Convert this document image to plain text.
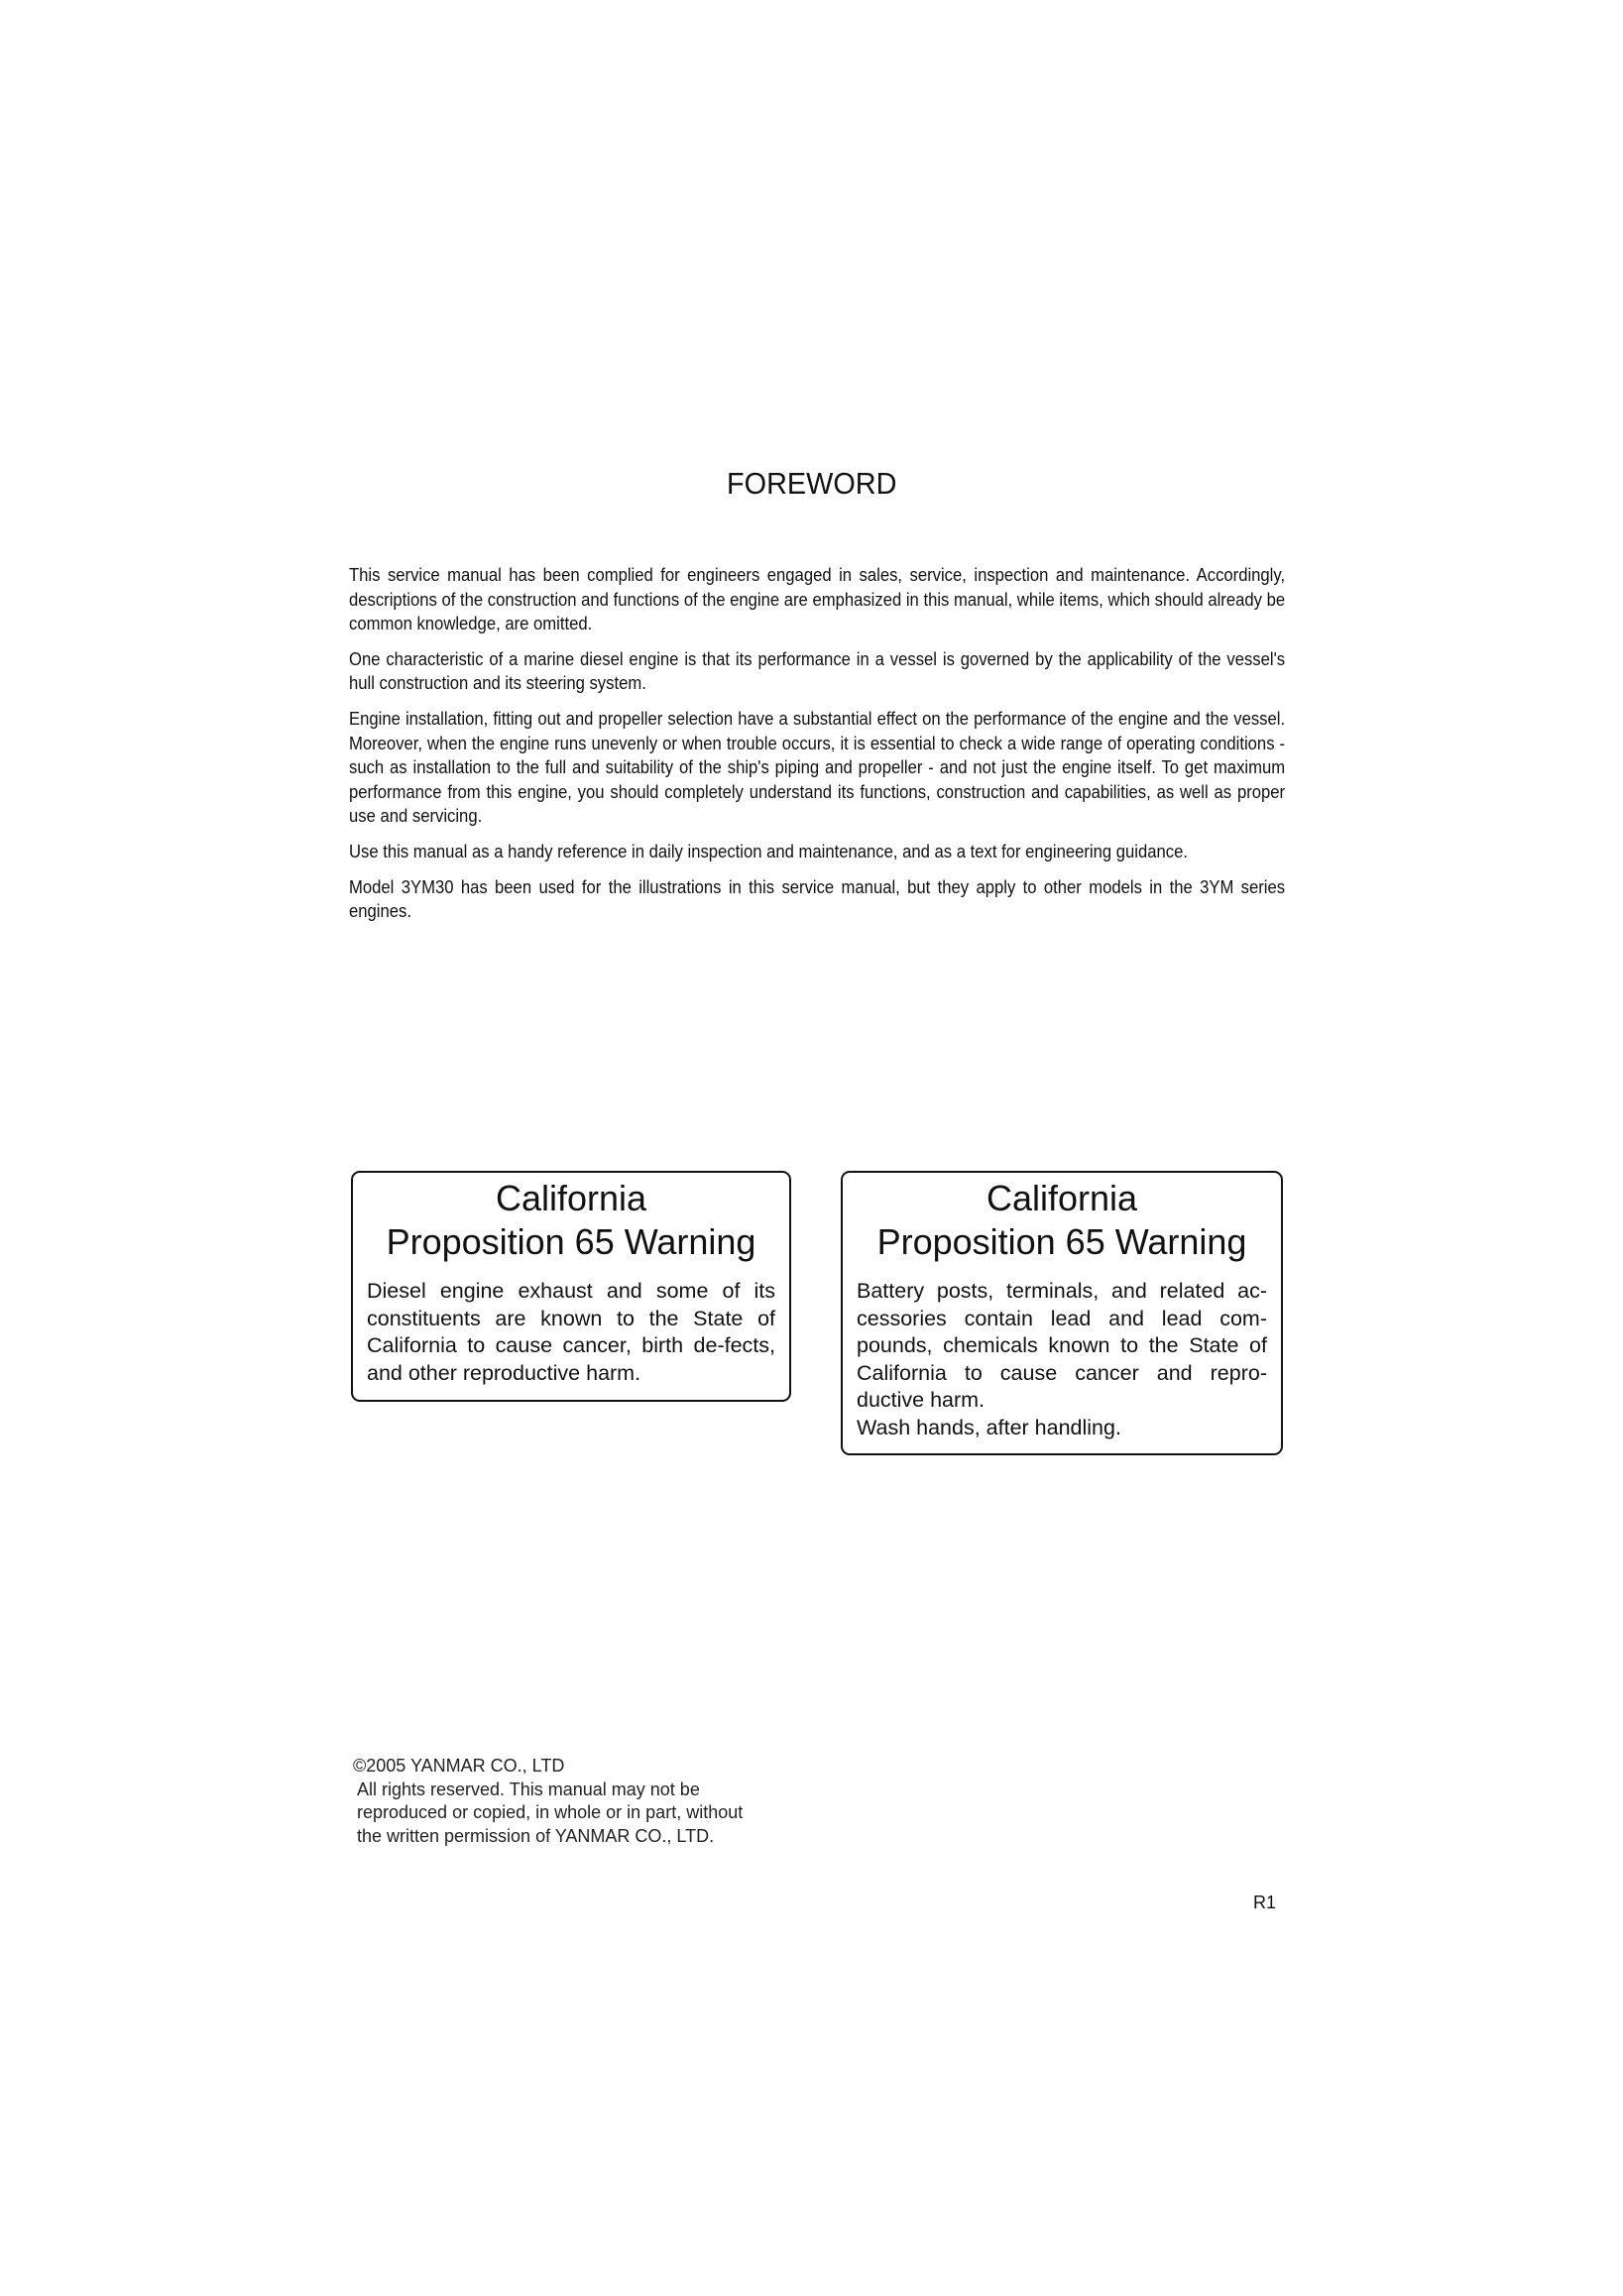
FOREWORD

This service manual has been complied for engineers engaged in sales, service, inspection and maintenance. Accordingly, descriptions of the construction and functions of the engine are emphasized in this manual, while items, which should already be common knowledge, are omitted.

One characteristic of a marine diesel engine is that its performance in a vessel is governed by the applicability of the vessel's hull construction and its steering system.

Engine installation, fitting out and propeller selection have a substantial effect on the performance of the engine and the vessel. Moreover, when the engine runs unevenly or when trouble occurs, it is essential to check a wide range of operating conditions - such as installation to the full and suitability of the ship's piping and propeller - and not just the engine itself. To get maximum performance from this engine, you should completely understand its functions, construction and capabilities, as well as proper use and servicing.

Use this manual as a handy reference in daily inspection and maintenance, and as a text for engineering guidance.

Model 3YM30 has been used for the illustrations in this service manual, but they apply to other models in the 3YM series engines.

California
Proposition 65 Warning
Diesel engine exhaust and some of its constituents are known to the State of California to cause cancer, birth de-fects, and other reproductive harm.
California
Proposition 65 Warning
Battery posts, terminals, and related ac-cessories contain lead and lead com-pounds, chemicals known to the State of California to cause cancer and repro-ductive harm.
Wash hands, after handling.
©2005 YANMAR CO., LTD
All rights reserved. This manual may not be reproduced or copied, in whole or in part, without the written permission of YANMAR CO., LTD.
R1
